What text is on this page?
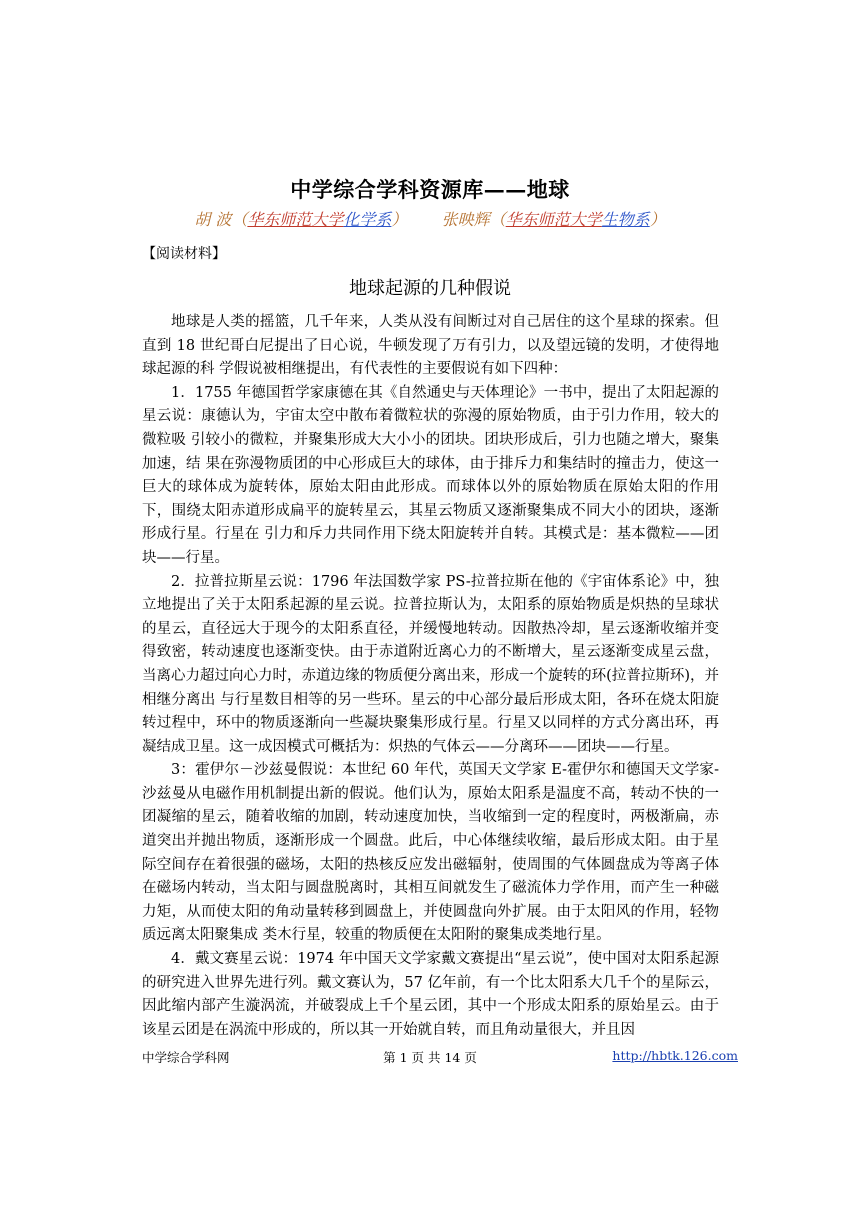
中学综合学科资源库——地球
胡 波（华东师范大学化学系） 张映辉（华东师范大学生物系）
【阅读材料】
地球起源的几种假说

地球是人类的摇篮，几千年来，人类从没有间断过对自己居住的这个星球的探索。但直到 18 世纪哥白尼提出了日心说，牛顿发现了万有引力，以及望远镜的发明，才使得地球起源的科 学假说被相继提出，有代表性的主要假说有如下四种：

1．1755 年德国哲学家康德在其《自然通史与天体理论》一书中，提出了太阳起源的星云说：康德认为，宇宙太空中散布着微粒状的弥漫的原始物质，由于引力作用，较大的微粒吸 引较小的微粒，并聚集形成大大小小的团块。团块形成后，引力也随之增大，聚集加速，结 果在弥漫物质团的中心形成巨大的球体，由于排斥力和集结时的撞击力，使这一巨大的球体成为旋转体，原始太阳由此形成。而球体以外的原始物质在原始太阳的作用下，围绕太阳赤道形成扁平的旋转星云，其星云物质又逐渐聚集成不同大小的团块，逐渐形成行星。行星在 引力和斥力共同作用下绕太阳旋转并自转。其模式是：基本微粒——团块——行星。

2．拉普拉斯星云说：1796 年法国数学家 PS-拉普拉斯在他的《宇宙体系论》中，独立地提出了关于太阳系起源的星云说。拉普拉斯认为，太阳系的原始物质是炽热的呈球状的星云，直径远大于现今的太阳系直径，并缓慢地转动。因散热冷却，星云逐渐收缩并变得致密，转动速度也逐渐变快。由于赤道附近离心力的不断增大，星云逐渐变成星云盘，当离心力超过向心力时，赤道边缘的物质便分离出来，形成一个旋转的环(拉普拉斯环)，并相继分离出 与行星数目相等的另一些环。星云的中心部分最后形成太阳，各环在烧太阳旋转过程中，环中的物质逐渐向一些凝块聚集形成行星。行星又以同样的方式分离出环，再凝结成卫星。这一成因模式可概括为：炽热的气体云——分离环——团块——行星。

3：霍伊尔－沙兹曼假说：本世纪 60 年代，英国天文学家 E-霍伊尔和德国天文学家-沙兹曼从电磁作用机制提出新的假说。他们认为，原始太阳系是温度不高，转动不快的一团凝缩的星云，随着收缩的加剧，转动速度加快，当收缩到一定的程度时，两极渐扁，赤道突出并抛出物质，逐渐形成一个圆盘。此后，中心体继续收缩，最后形成太阳。由于星际空间存在着很强的磁场，太阳的热核反应发出磁辐射，使周围的气体圆盘成为等离子体在磁场内转动，当太阳与圆盘脱离时，其相互间就发生了磁流体力学作用，而产生一种磁力矩，从而使太阳的角动量转移到圆盘上，并使圆盘向外扩展。由于太阳风的作用，轻物质远离太阳聚集成 类木行星，较重的物质便在太阳附的聚集成类地行星。

4．戴文赛星云说：1974 年中国天文学家戴文赛提出“星云说”，使中国对太阳系起源的研究进入世界先进行列。戴文赛认为，57 亿年前，有一个比太阳系大几千个的星际云，因此缩内部产生漩涡流，并破裂成上千个星云团，其中一个形成太阳系的原始星云。由于该星云团是在涡流中形成的，所以其一开始就自转，而且角动量很大，并且因

中学综合学科网	第 1 页 共 14 页	http://hbtk.126.com
